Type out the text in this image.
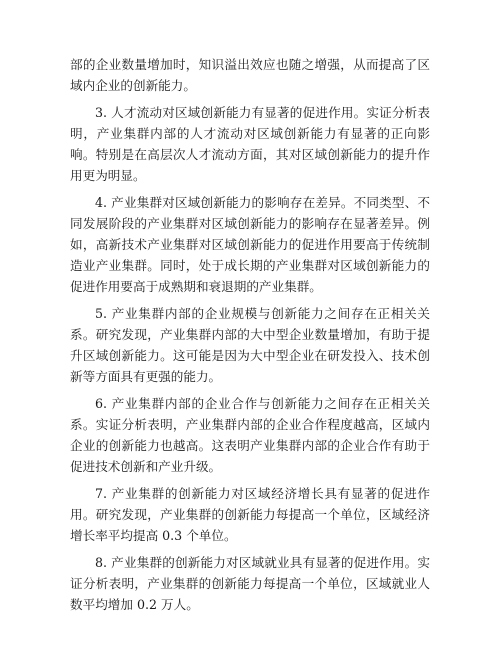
部的企业数量增加时，知识溢出效应也随之增强，从而提高了区域内企业的创新能力。

3. 人才流动对区域创新能力有显著的促进作用。实证分析表明，产业集群内部的人才流动对区域创新能力有显著的正向影响。特别是在高层次人才流动方面，其对区域创新能力的提升作用更为明显。

4. 产业集群对区域创新能力的影响存在差异。不同类型、不同发展阶段的产业集群对区域创新能力的影响存在显著差异。例如，高新技术产业集群对区域创新能力的促进作用要高于传统制造业产业集群。同时，处于成长期的产业集群对区域创新能力的促进作用要高于成熟期和衰退期的产业集群。

5. 产业集群内部的企业规模与创新能力之间存在正相关关系。研究发现，产业集群内部的大中型企业数量增加，有助于提升区域创新能力。这可能是因为大中型企业在研发投入、技术创新等方面具有更强的能力。

6. 产业集群内部的企业合作与创新能力之间存在正相关关系。实证分析表明，产业集群内部的企业合作程度越高，区域内企业的创新能力也越高。这表明产业集群内部的企业合作有助于促进技术创新和产业升级。

7. 产业集群的创新能力对区域经济增长具有显著的促进作用。研究发现，产业集群的创新能力每提高一个单位，区域经济增长率平均提高 0.3 个单位。

8. 产业集群的创新能力对区域就业具有显著的促进作用。实证分析表明，产业集群的创新能力每提高一个单位，区域就业人数平均增加 0.2 万人。
